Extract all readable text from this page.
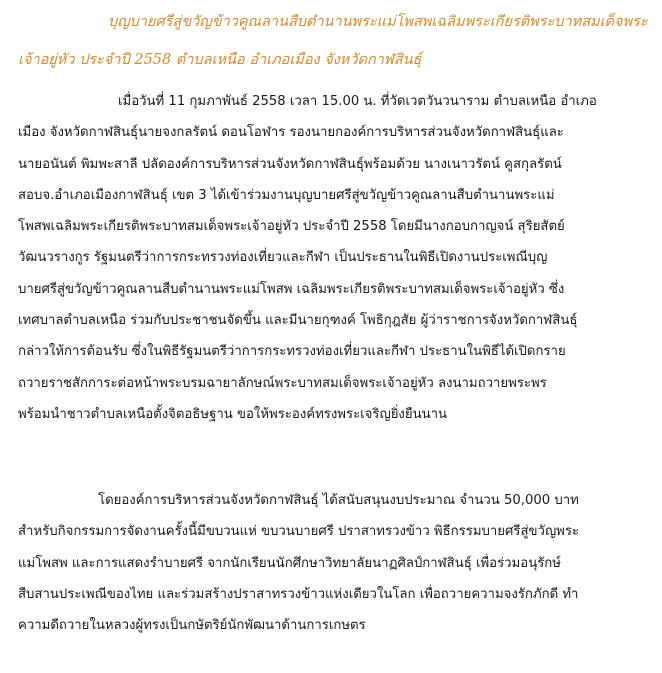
บุญบายศรีสู่ขวัญข้าวคูณลานสืบตำนานพระแม่โพสพเฉลิมพระเกียรติพระบาทสมเด็จพระ

เจ้าอยู่หัว ประจำปี 2558 ตำบลเหนือ อำเภอเมือง จังหวัดกาฬสินธุ์

เมื่อวันที่ 11 กุมภาพันธ์ 2558 เวลา 15.00 น. ที่วัดเวตวันวนาราม ตำบลเหนือ อำเภอ
เมือง จังหวัดกาฬสินธุ์นายจงกลรัตน์ ดอนโอฬาร รองนายกองค์การบริหารส่วนจังหวัดกาฬสินธุ์และ
นายอนันต์ พิมพะสาลี ปลัดองค์การบริหารส่วนจังหวัดกาฬสินธุ์พร้อมด้วย นางเนาวรัตน์ คูสกุลรัตน์
สอบจ.อำเภอเมืองกาฬสินธุ์ เขต 3 ได้เข้าร่วมงานบุญบายศรีสู่ขวัญข้าวคูณลานสืบตำนานพระแม่
โพสพเฉลิมพระเกียรติพระบาทสมเด็จพระเจ้าอยู่หัว ประจำปี 2558 โดยมีนางกอบกาญจน์ สุริยสัตย์
วัฒนวรางกูร รัฐมนตรีว่าการกระทรวงท่องเที่ยวและกีฬา เป็นประธานในพิธีเปิดงานประเพณีบุญ
บายศรีสู่ขวัญข้าวคูณลานสืบตำนานพระแม่โพสพ เฉลิมพระเกียรติพระบาทสมเด็จพระเจ้าอยู่หัว ซึ่ง
เทศบาลตำบลเหนือ ร่วมกับประชาชนจัดขึ้น และมีนายกุฑงค์ โพธิกุฎสัย ผู้ว่าราชการจังหวัดกาฬสินธุ์
กล่าวให้การต้อนรับ ซึ่งในพิธีรัฐมนตรีว่าการกระทรวงท่องเที่ยวและกีฬา ประธานในพิธีได้เปิดกราย
ถวายราชสักการะต่อหน้าพระบรมฉายาลักษณ์พระบาทสมเด็จพระเจ้าอยู่หัว ลงนามถวายพระพร
พร้อมนำชาวตำบลเหนือตั้งจิตอธิษฐาน ขอให้พระองค์ทรงพระเจริญยิ่งยืนนาน
โดยองค์การบริหารส่วนจังหวัดกาฬสินธุ์ ได้สนับสนุนงบประมาณ จำนวน 50,000 บาท
สำหรับกิจกรรมการจัดงานครั้งนี้มีขบวนแห่ ขบวนบายศรี ปราสาทรวงข้าว พิธีกรรมบายศรีสู่ขวัญพระ
แม่โพสพ และการแสดงรำบายศรี จากนักเรียนนักศึกษาวิทยาลัยนาฏศิลป์กาฬสินธุ์ เพื่อร่วมอนุรักษ์
สืบสานประเพณีของไทย และร่วมสร้างปราสาทรวงข้าวแห่งเดียวในโลก เพื่อถวายความจงรักภักดี ทำ
ความดีถวายในหลวงผู้ทรงเป็นกษัตริย์นักพัฒนาด้านการเกษตร
